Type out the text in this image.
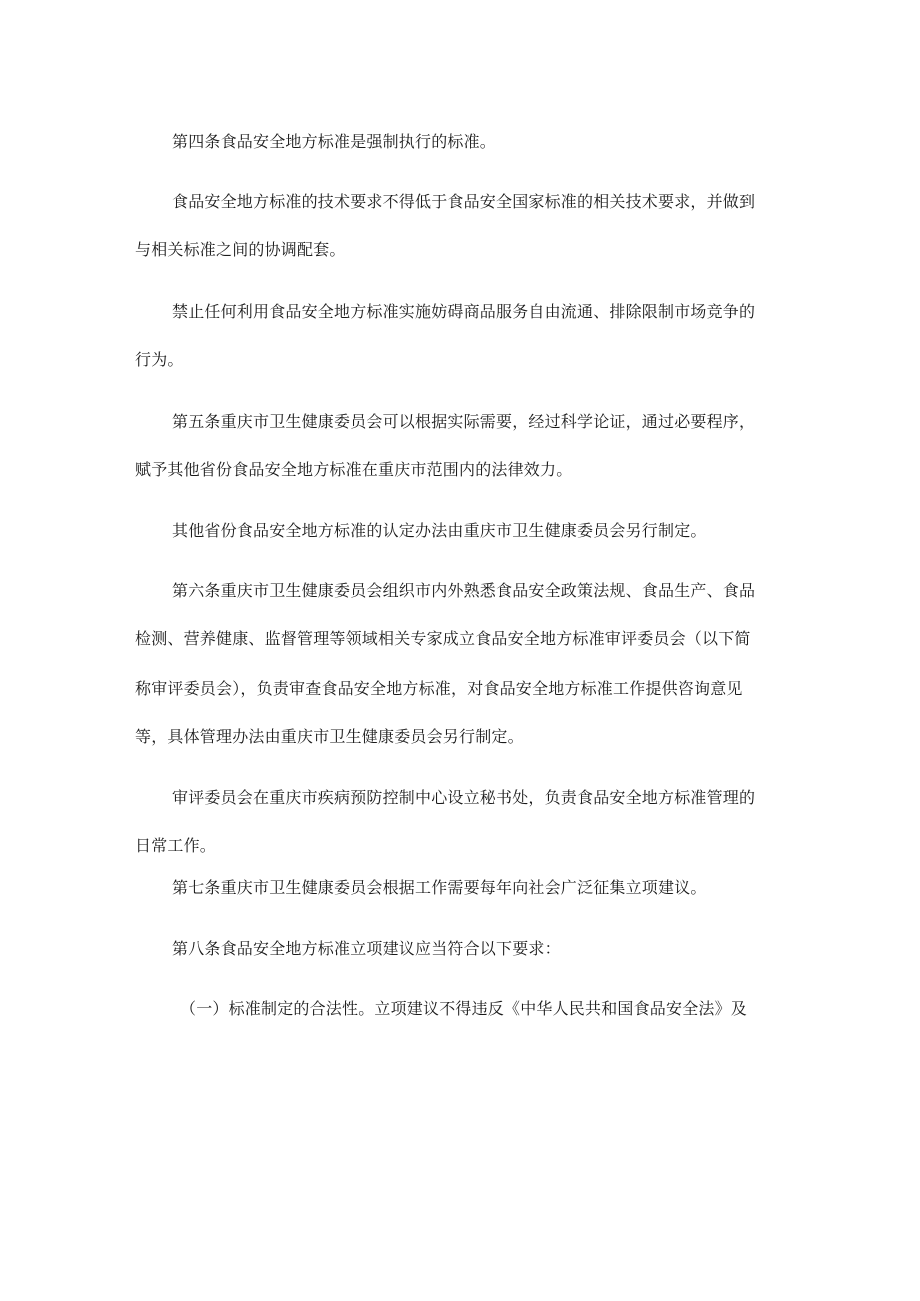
第四条食品安全地方标准是强制执行的标准。
食品安全地方标准的技术要求不得低于食品安全国家标准的相关技术要求，并做到
与相关标准之间的协调配套。
禁止任何利用食品安全地方标准实施妨碍商品服务自由流通、排除限制市场竞争的
行为。
第五条重庆市卫生健康委员会可以根据实际需要，经过科学论证，通过必要程序，
赋予其他省份食品安全地方标准在重庆市范围内的法律效力。
其他省份食品安全地方标准的认定办法由重庆市卫生健康委员会另行制定。
第六条重庆市卫生健康委员会组织市内外熟悉食品安全政策法规、食品生产、食品
检测、营养健康、监督管理等领域相关专家成立食品安全地方标准审评委员会（以下简
称审评委员会），负责审查食品安全地方标准，对食品安全地方标准工作提供咨询意见
等，具体管理办法由重庆市卫生健康委员会另行制定。
审评委员会在重庆市疾病预防控制中心设立秘书处，负责食品安全地方标准管理的
日常工作。
第七条重庆市卫生健康委员会根据工作需要每年向社会广泛征集立项建议。
第八条食品安全地方标准立项建议应当符合以下要求：
（一）标准制定的合法性。立项建议不得违反《中华人民共和国食品安全法》及
